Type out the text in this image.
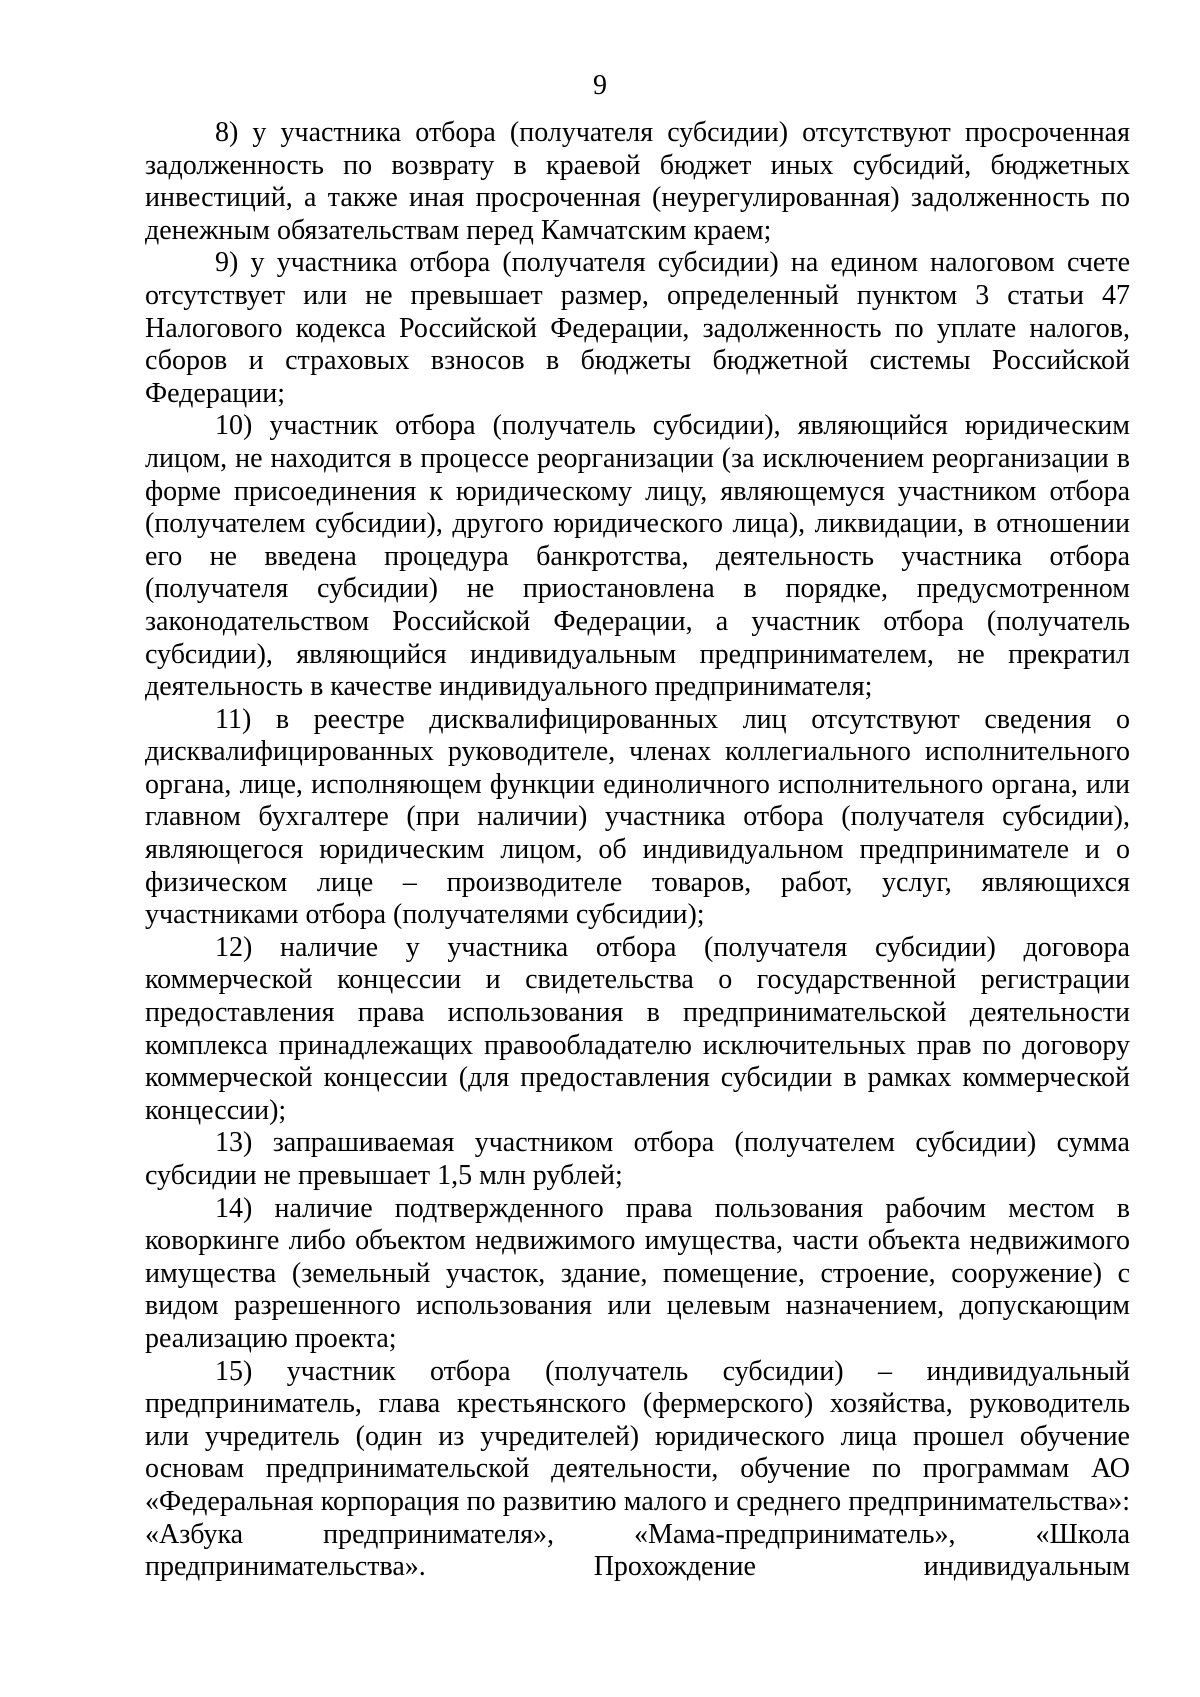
9

8) у участника отбора (получателя субсидии) отсутствуют просроченная задолженность по возврату в краевой бюджет иных субсидий, бюджетных инвестиций, а также иная просроченная (неурегулированная) задолженность по денежным обязательствам перед Камчатским краем;

9) у участника отбора (получателя субсидии) на едином налоговом счете отсутствует или не превышает размер, определенный пунктом 3 статьи 47 Налогового кодекса Российской Федерации, задолженность по уплате налогов, сборов и страховых взносов в бюджеты бюджетной системы Российской Федерации;

10) участник отбора (получатель субсидии), являющийся юридическим лицом, не находится в процессе реорганизации (за исключением реорганизации в форме присоединения к юридическому лицу, являющемуся участником отбора (получателем субсидии), другого юридического лица), ликвидации, в отношении его не введена процедура банкротства, деятельность участника отбора (получателя субсидии) не приостановлена в порядке, предусмотренном законодательством Российской Федерации, а участник отбора (получатель субсидии), являющийся индивидуальным предпринимателем, не прекратил деятельность в качестве индивидуального предпринимателя;

11) в реестре дисквалифицированных лиц отсутствуют сведения о дисквалифицированных руководителе, членах коллегиального исполнительного органа, лице, исполняющем функции единоличного исполнительного органа, или главном бухгалтере (при наличии) участника отбора (получателя субсидии), являющегося юридическим лицом, об индивидуальном предпринимателе и о физическом лице – производителе товаров, работ, услуг, являющихся участниками отбора (получателями субсидии);

12) наличие у участника отбора (получателя субсидии) договора коммерческой концессии и свидетельства о государственной регистрации предоставления права использования в предпринимательской деятельности комплекса принадлежащих правообладателю исключительных прав по договору коммерческой концессии (для предоставления субсидии в рамках коммерческой концессии);

13) запрашиваемая участником отбора (получателем субсидии) сумма субсидии не превышает 1,5 млн рублей;

14) наличие подтвержденного права пользования рабочим местом в коворкинге либо объектом недвижимого имущества, части объекта недвижимого имущества (земельный участок, здание, помещение, строение, сооружение) с видом разрешенного использования или целевым назначением, допускающим реализацию проекта;

15) участник отбора (получатель субсидии) – индивидуальный предприниматель, глава крестьянского (фермерского) хозяйства, руководитель или учредитель (один из учредителей) юридического лица прошел обучение основам предпринимательской деятельности, обучение по программам АО «Федеральная корпорация по развитию малого и среднего предпринимательства»: «Азбука предпринимателя», «Мама-предприниматель», «Школа предпринимательства». Прохождение индивидуальным
